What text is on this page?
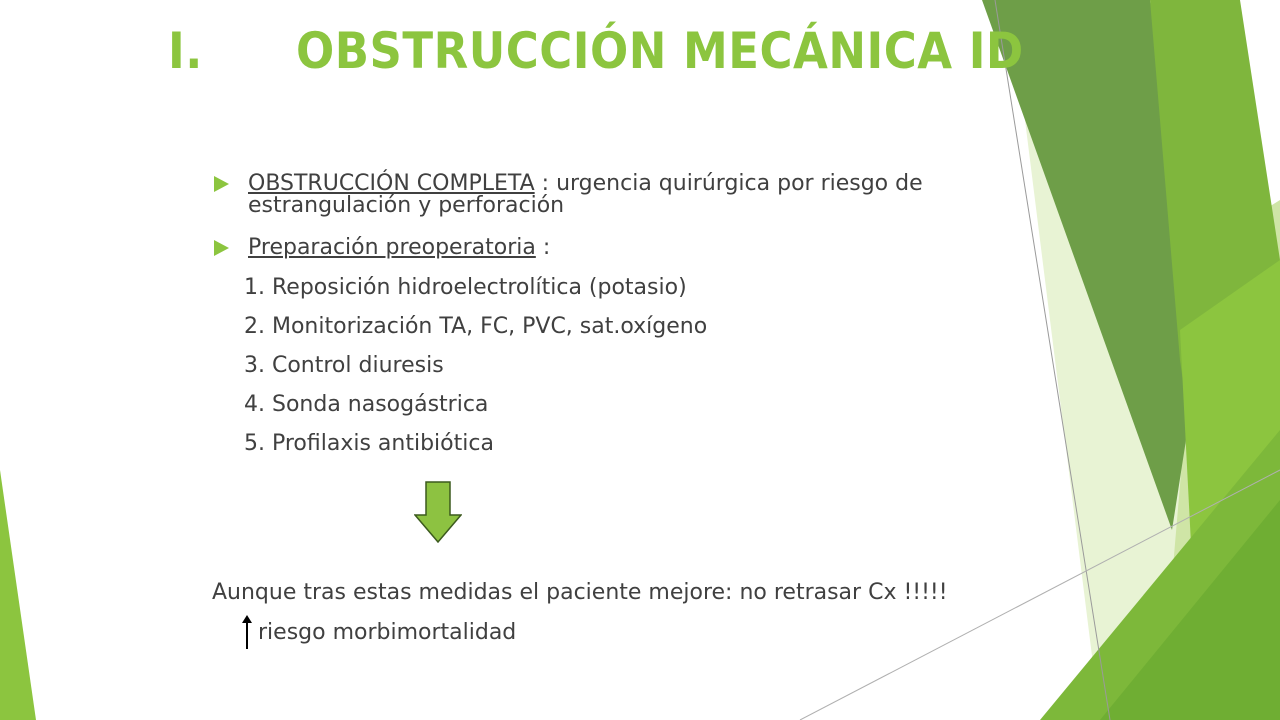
I. OBSTRUCCIÓN MECÁNICA ID
OBSTRUCCIÓN COMPLETA : urgencia quirúrgica por riesgo de
estrangulación y perforación
Preparación preoperatoria :
1. Reposición hidroelectrolítica (potasio)
2. Monitorización TA, FC, PVC, sat.oxígeno
3. Control diuresis
4. Sonda nasogástrica
5. Profilaxis antibiótica
Aunque tras estas medidas el paciente mejore: no retrasar Cx !!!!!
riesgo morbimortalidad
